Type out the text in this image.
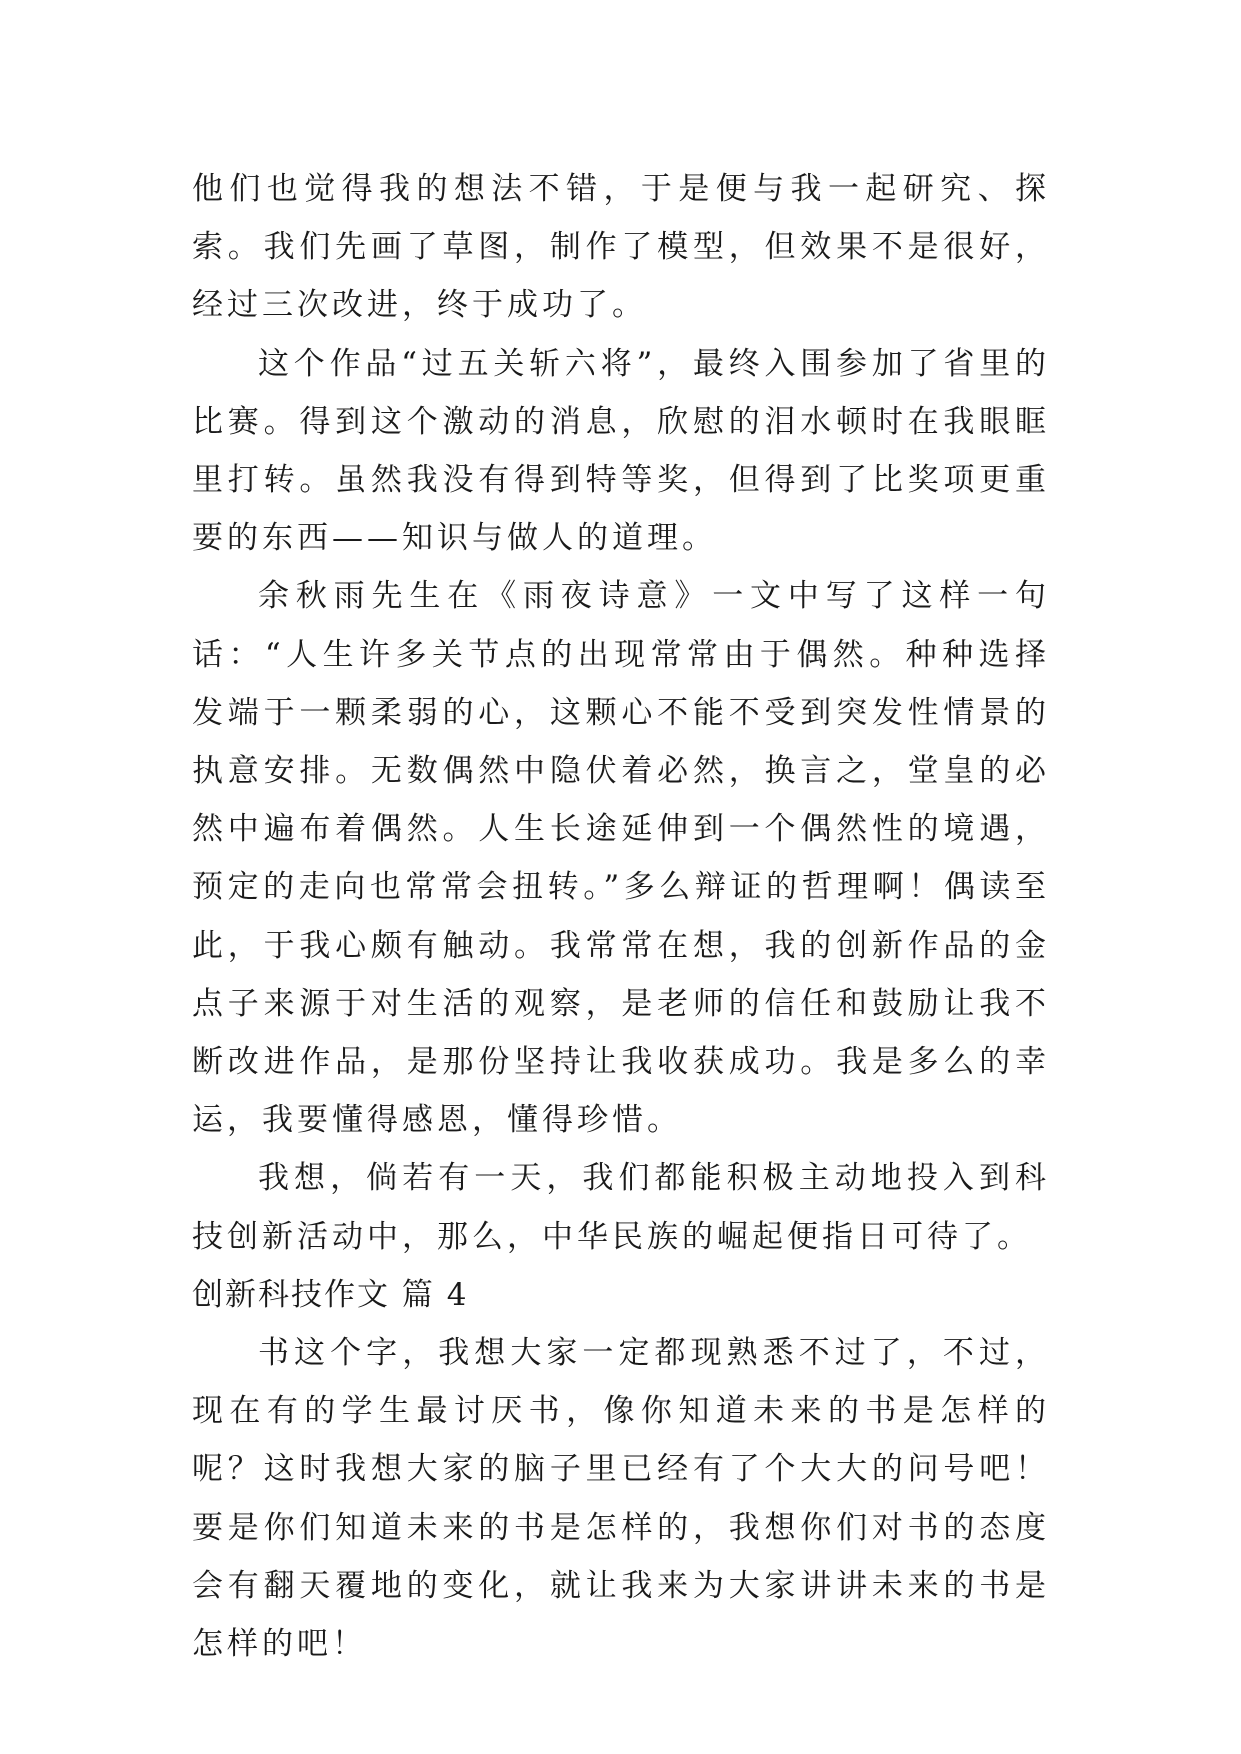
他们也觉得我的想法不错，于是便与我一起研究、探索。我们先画了草图，制作了模型，但效果不是很好，经过三次改进，终于成功了。

这个作品“过五关斩六将”，最终入围参加了省里的比赛。得到这个激动的消息，欣慰的泪水顿时在我眼眶里打转。虽然我没有得到特等奖，但得到了比奖项更重要的东西——知识与做人的道理。

余秋雨先生在《雨夜诗意》一文中写了这样一句话：“人生许多关节点的出现常常由于偶然。种种选择发端于一颗柔弱的心，这颗心不能不受到突发性情景的执意安排。无数偶然中隐伏着必然，换言之，堂皇的必然中遍布着偶然。人生长途延伸到一个偶然性的境遇，预定的走向也常常会扭转。”多么辩证的哲理啊！偶读至此，于我心颇有触动。我常常在想，我的创新作品的金点子来源于对生活的观察，是老师的信任和鼓励让我不断改进作品，是那份坚持让我收获成功。我是多么的幸运，我要懂得感恩，懂得珍惜。

我想，倘若有一天，我们都能积极主动地投入到科技创新活动中，那么，中华民族的崛起便指日可待了。

创新科技作文 篇 4

书这个字，我想大家一定都现熟悉不过了，不过，现在有的学生最讨厌书，像你知道未来的书是怎样的呢？这时我想大家的脑子里已经有了个大大的问号吧！要是你们知道未来的书是怎样的，我想你们对书的态度会有翻天覆地的变化，就让我来为大家讲讲未来的书是怎样的吧！
